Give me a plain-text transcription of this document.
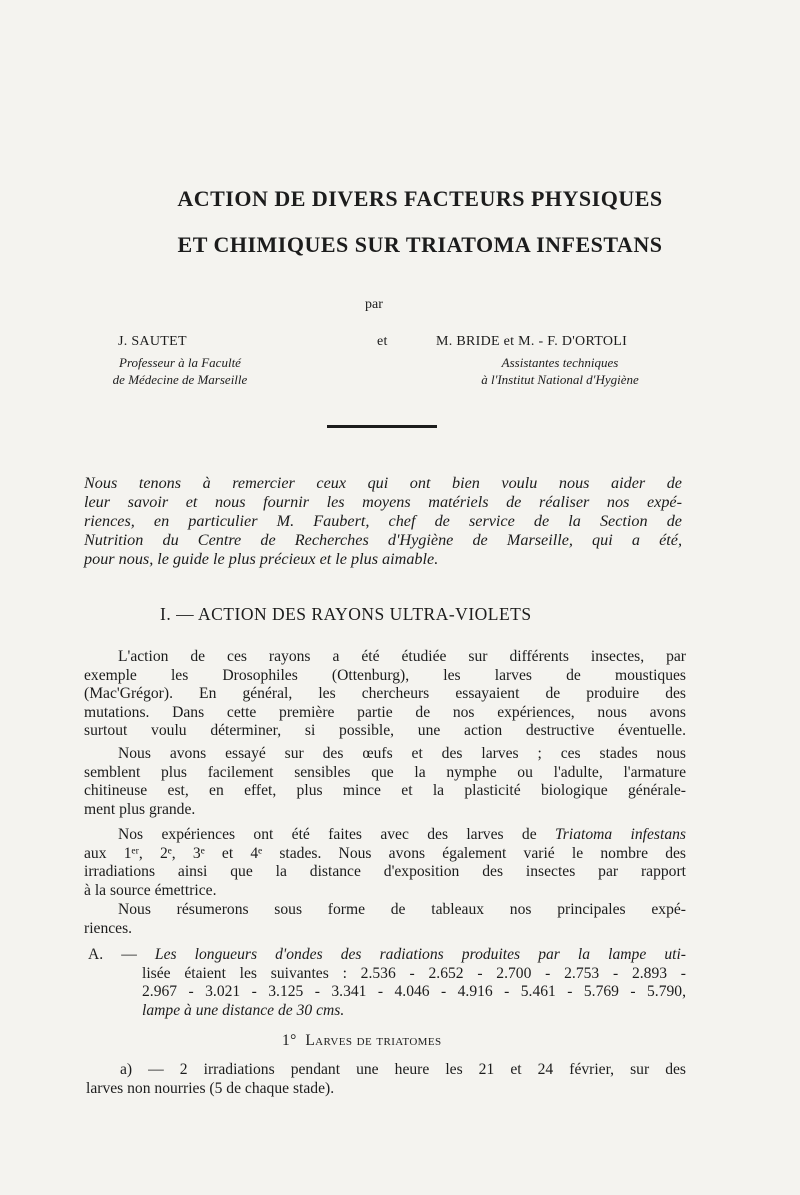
ACTION DE DIVERS FACTEURS PHYSIQUES
ET CHIMIQUES SUR TRIATOMA INFESTANS
par
J. SAUTET	et	M. BRIDE et M. - F. D'ORTOLI
Professeur à la Faculté
de Médecine de Marseille
Assistantes techniques
à l'Institut National d'Hygiène
Nous tenons à remercier ceux qui ont bien voulu nous aider de
leur savoir et nous fournir les moyens matériels de réaliser nos expé-
riences, en particulier M. Faubert, chef de service de la Section de
Nutrition du Centre de Recherches d'Hygiène de Marseille, qui a été,
pour nous, le guide le plus précieux et le plus aimable.
I. — ACTION DES RAYONS ULTRA-VIOLETS
L'action de ces rayons a été étudiée sur différents insectes, par
exemple les Drosophiles (Ottenburg), les larves de moustiques
(Mac'Grégor). En général, les chercheurs essayaient de produire des
mutations. Dans cette première partie de nos expériences, nous avons
surtout voulu déterminer, si possible, une action destructive éventuelle.
Nous avons essayé sur des œufs et des larves ; ces stades nous
semblent plus facilement sensibles que la nymphe ou l'adulte, l'armature
chitineuse est, en effet, plus mince et la plasticité biologique générale-
ment plus grande.
Nos expériences ont été faites avec des larves de Triatoma infestans
aux 1ᵉʳ, 2ᵉ, 3ᵉ et 4ᵉ stades. Nous avons également varié le nombre des
irradiations ainsi que la distance d'exposition des insectes par rapport
à la source émettrice.
Nous résumerons sous forme de tableaux nos principales expé-
riences.
A. — Les longueurs d'ondes des radiations produites par la lampe uti-
lisée étaient les suivantes : 2.536 - 2.652 - 2.700 - 2.753 - 2.893 -
2.967 - 3.021 - 3.125 - 3.341 - 4.046 - 4.916 - 5.461 - 5.769 - 5.790,
lampe à une distance de 30 cms.
1° Larves de triatomes
a) — 2 irradiations pendant une heure les 21 et 24 février, sur des
larves non nourries (5 de chaque stade).
